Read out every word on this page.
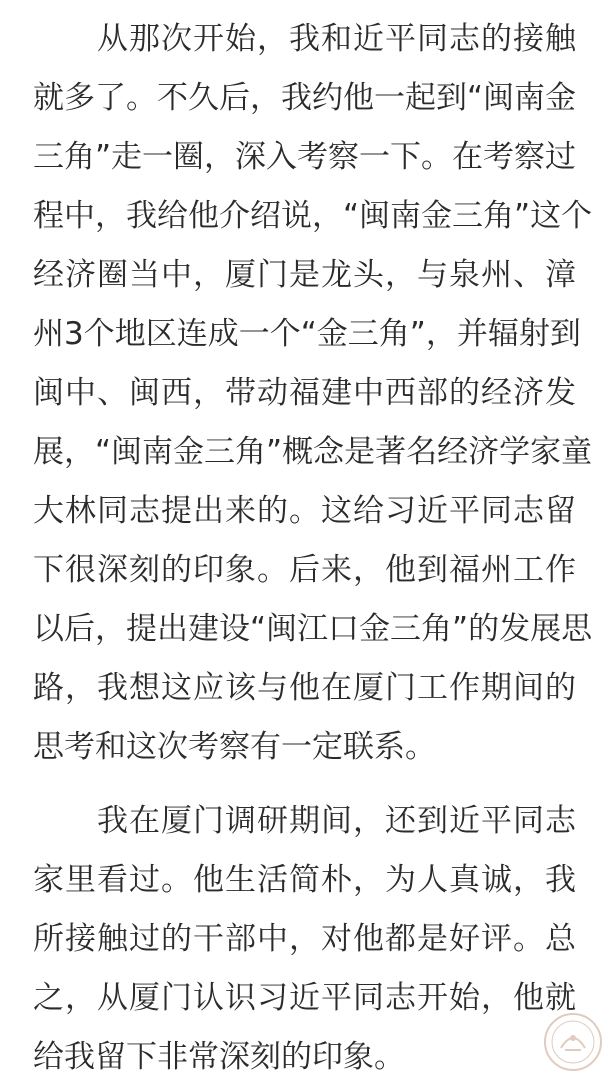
从那次开始，我和近平同志的接触
就多了。不久后，我约他一起到“闽南金
三角”走一圈，深入考察一下。在考察过
程中，我给他介绍说，“闽南金三角”这个
经济圈当中，厦门是龙头，与泉州、漳
州3个地区连成一个“金三角”，并辐射到
闽中、闽西，带动福建中西部的经济发
展，“闽南金三角”概念是著名经济学家童
大林同志提出来的。这给习近平同志留
下很深刻的印象。后来，他到福州工作
以后，提出建设“闽江口金三角”的发展思
路，我想这应该与他在厦门工作期间的
思考和这次考察有一定联系。
我在厦门调研期间，还到近平同志
家里看过。他生活简朴，为人真诚，我
所接触过的干部中，对他都是好评。总
之，从厦门认识习近平同志开始，他就
给我留下非常深刻的印象。
